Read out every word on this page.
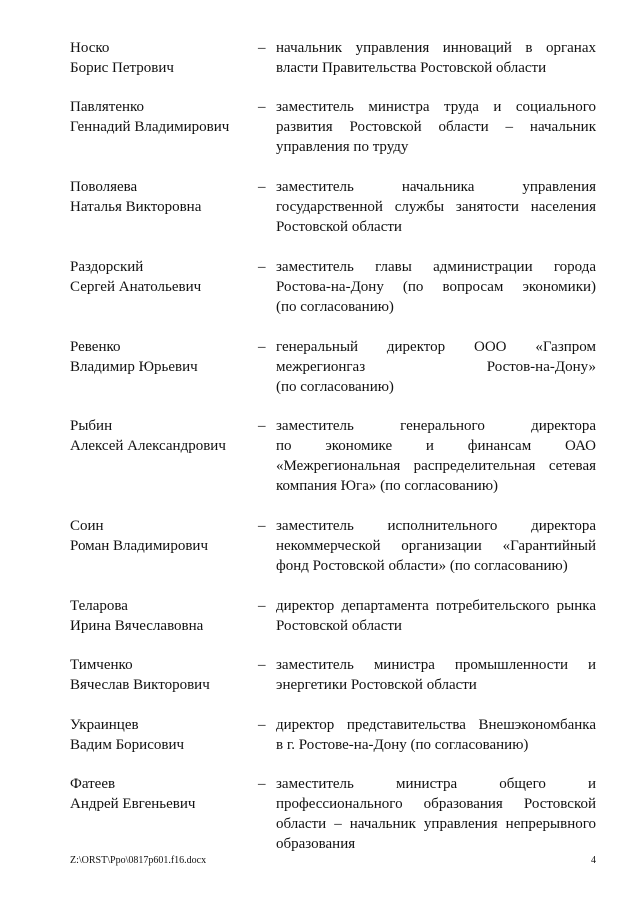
Носко
Борис Петрович
– начальник управления инноваций в органах
власти Правительства Ростовской области
Павлятенко
Геннадий Владимирович
– заместитель министра труда и социального
развития Ростовской области – начальник
управления по труду
Поволяева
Наталья Викторовна
– заместитель начальника управления
государственной службы занятости населения
Ростовской области
Раздорский
Сергей Анатольевич
– заместитель главы администрации города
Ростова-на-Дону (по вопросам экономики)
(по согласованию)
Ревенко
Владимир Юрьевич
– генеральный директор ООО «Газпром
межрегионгаз Ростов-на-Дону»
(по согласованию)
Рыбин
Алексей Александрович
– заместитель генерального директора
по экономике и финансам ОАО
«Межрегиональная распределительная сетевая
компания Юга» (по согласованию)
Соин
Роман Владимирович
– заместитель исполнительного директора
некоммерческой организации «Гарантийный
фонд Ростовской области» (по согласованию)
Теларова
Ирина Вячеславовна
– директор департамента потребительского рынка
Ростовской области
Тимченко
Вячеслав Викторович
– заместитель министра промышленности и
энергетики Ростовской области
Украинцев
Вадим Борисович
– директор представительства Внешэкономбанка
в г. Ростове-на-Дону (по согласованию)
Фатеев
Андрей Евгеньевич
– заместитель министра общего и
профессионального образования Ростовской
области – начальник управления непрерывного
образования
Z:\ORST\Ppo\0817p601.f16.docx	4
